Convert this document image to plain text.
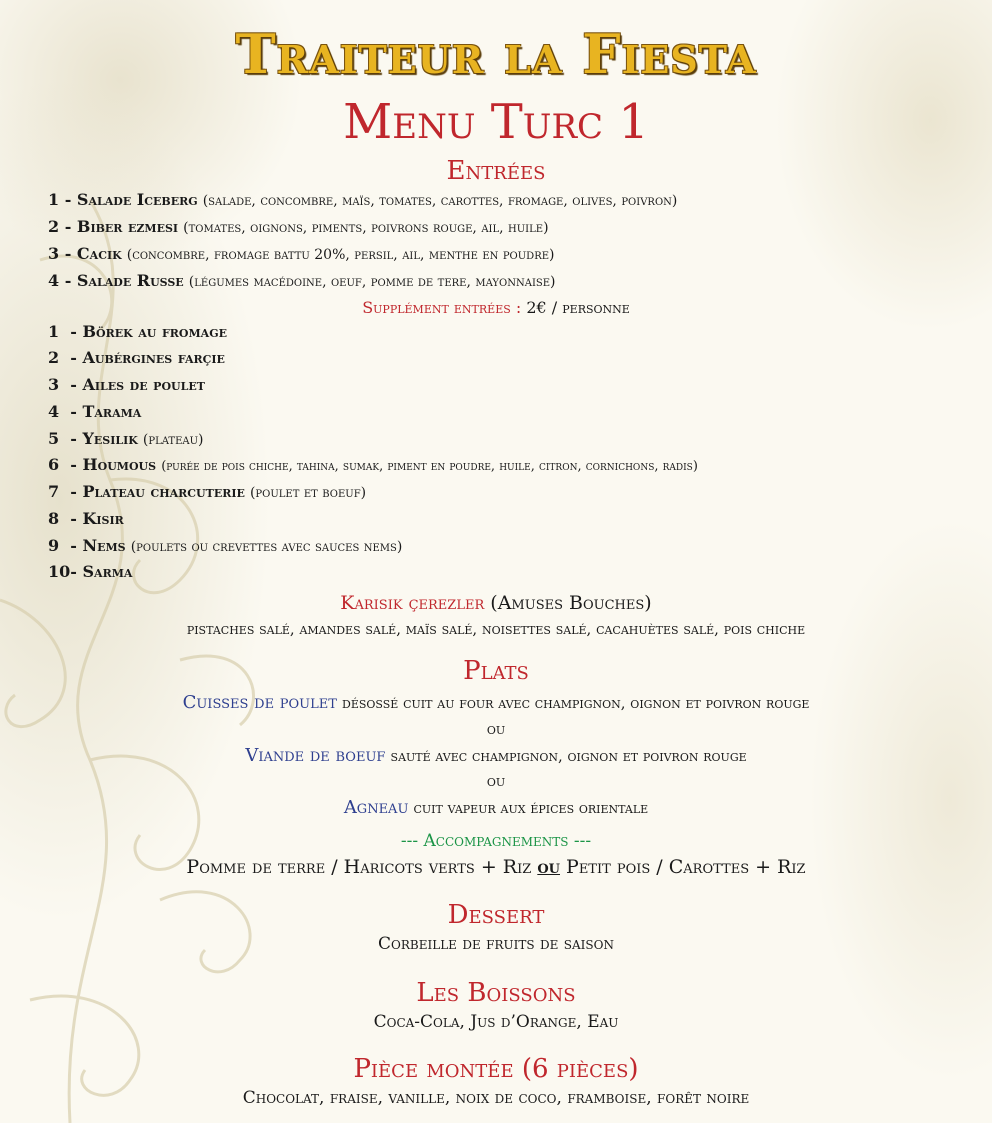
Traiteur la Fiesta
Menu Turc 1
Entrées
1 - Salade Iceberg (salade, concombre, maïs, tomates, carottes, fromage, olives, poivron)
2 - Biber ezmesi (tomates, oignons, piments, poivrons rouge, ail, huile)
3 - Cacik (concombre, fromage battu 20%, persil, ail, menthe en poudre)
4 - Salade Russe (légumes macédoine, oeuf, pomme de tere, mayonnaise)
Supplément entrées : 2€ / personne
1 - Börek au fromage
2 - Aubérgines farçie
3 - Ailes de poulet
4 - Tarama
5 - Yesilik (plateau)
6 - Houmous (purée de pois chiche, tahina, sumak, piment en poudre, huile, citron, cornichons, radis)
7 - Plateau charcuterie (poulet et boeuf)
8 - Kisir
9 - Nems (poulets ou crevettes avec sauces nems)
10- Sarma
Karisik çerezler (Amuses Bouches)
pistaches salé, amandes salé, maïs salé, noisettes salé, cacahuètes salé, pois chiche
Plats
Cuisses de poulet désossé cuit au four avec champignon, oignon et poivron rouge
ou
Viande de boeuf sauté avec champignon, oignon et poivron rouge
ou
Agneau cuit vapeur aux épices orientale
--- Accompagnements ---
Pomme de terre / Haricots verts + Riz ou Petit pois / Carottes + Riz
Dessert
Corbeille de fruits de saison
Les Boissons
Coca-Cola, Jus d’Orange, Eau
Pièce montée (6 pièces)
Chocolat, fraise, vanille, noix de coco, framboise, forêt noire
